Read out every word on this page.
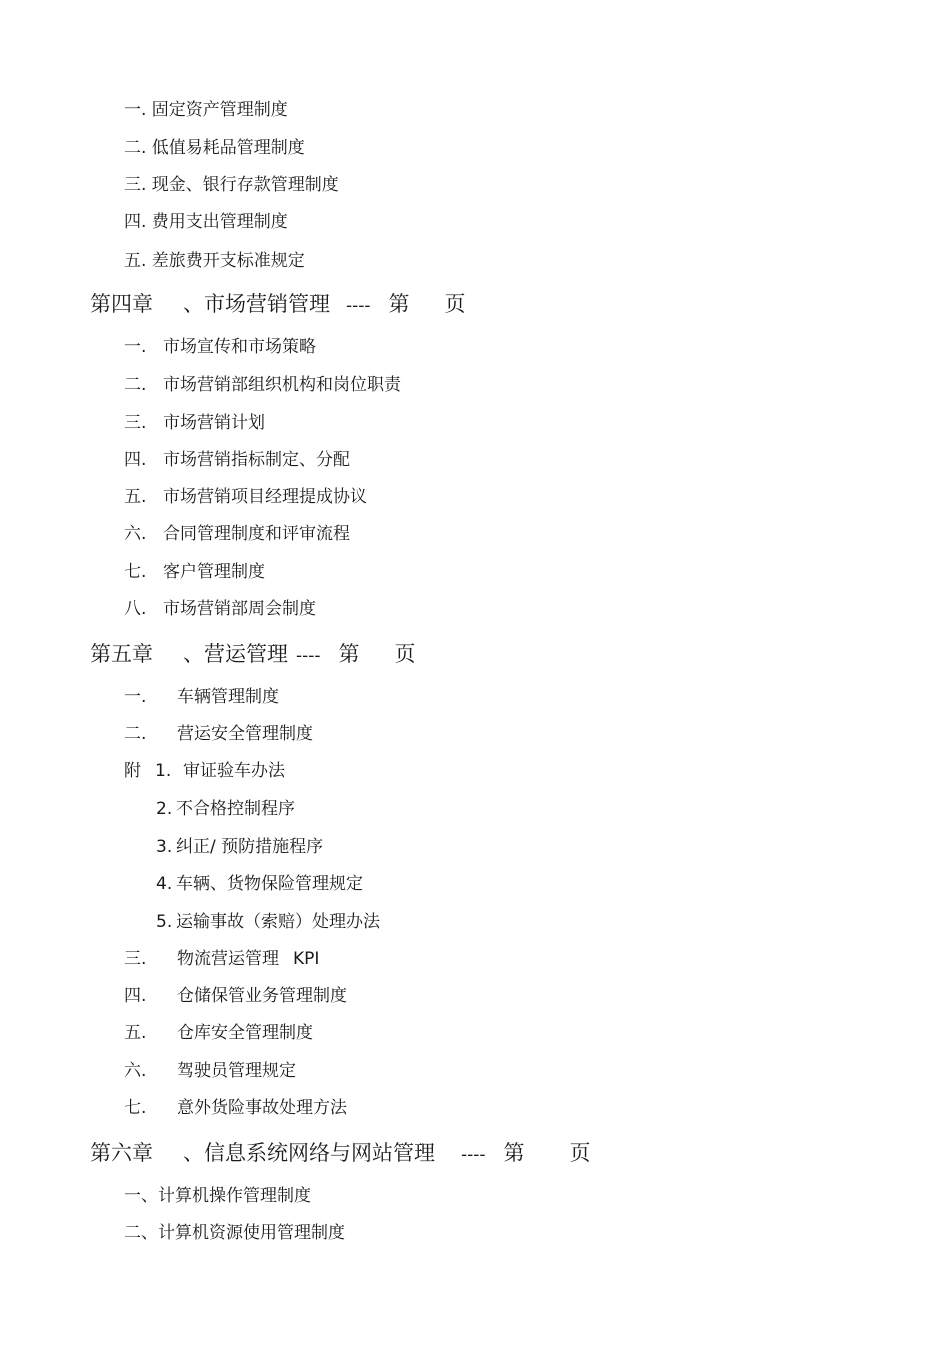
一. 固定资产管理制度
二. 低值易耗品管理制度
三. 现金、银行存款管理制度
四. 费用支出管理制度
五. 差旅费开支标准规定
第四章 、市场营销管理 ---- 第 页
一. 市场宣传和市场策略
二. 市场营销部组织机构和岗位职责
三. 市场营销计划
四. 市场营销指标制定、分配
五. 市场营销项目经理提成协议
六. 合同管理制度和评审流程
七. 客户管理制度
八. 市场营销部周会制度
第五章 、营运管理 ---- 第 页
一. 车辆管理制度
二. 营运安全管理制度
附 1. 审证验车办法
2. 不合格控制程序
3. 纠正/ 预防措施程序
4. 车辆、货物保险管理规定
5. 运输事故（索赔）处理办法
三. 物流营运管理 KPI
四. 仓储保管业务管理制度
五. 仓库安全管理制度
六. 驾驶员管理规定
七. 意外货险事故处理方法
第六章 、信息系统网络与网站管理 ---- 第 页
一、计算机操作管理制度
二、计算机资源使用管理制度
